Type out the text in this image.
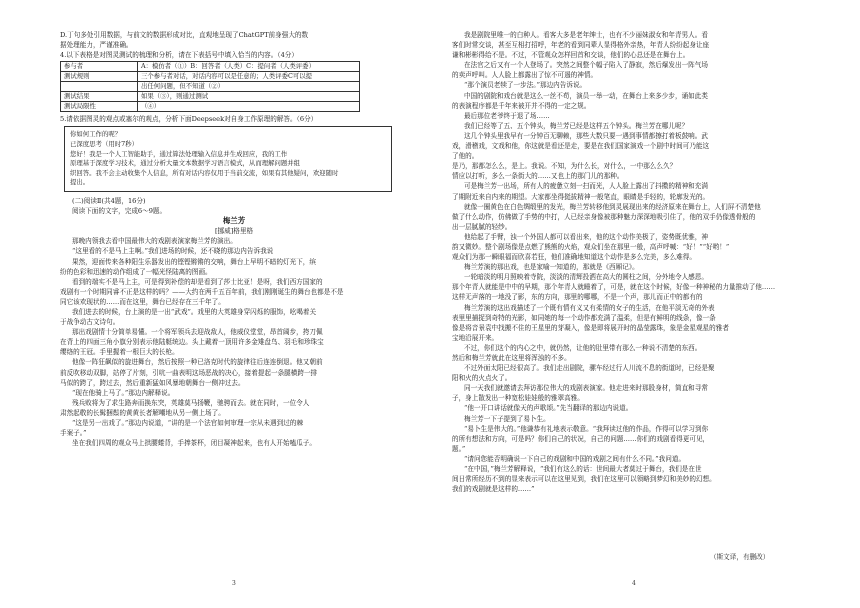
D.丁句多处引用数据，与前文的数据形成对比，直观地呈现了ChatGPT前身强大的数
据处理能力，严谨准确。
4.以下表格是对图灵测试的梳理和分析，请在下表括号中填入恰当的内容。（4分）
参与者	A：模仿者（①）B：回答者（人类）C：提问者（人类评委）
测试规则	三个参与者对话，对话内容可以是任意的；人类评委C可以提
	出任何问题，但不知道（②）
测试结果	如果（③），则通过测试
测试局限性	（④）
5.请依据图灵的观点或塞尔的观点，分析下面Deepseek对自身工作原理的解答。（6分）
你如何工作的呢？
已深度思考（用时7秒）
您好！我是一个人工智能助手，通过算法处理输入信息并生成回应，我的工作
原理基于深度学习技术，通过分析大量文本数据学习语言模式，从而理解问题并组
织回答。我不会主动收集个人信息，所有对话内容仅用于当前交流，如果有其他疑问，欢迎随时
提出。
(二)阅读Ⅱ(共4题，16分)
阅读下面的文字，完成6～9题。
梅兰芳
[挪威]格里格
那晚内领我去看中国最伟大的戏剧表演家梅兰芳的演出。
“这里看的不是马上主啊。”我们进场的时候，还不晓的那边内告诉我说
果然，迎面传来各种阳生乐器发出的铿铿锵锵的交响，舞台上早明不暗的灯光下，缤
纷的色彩和迅速的动作组成了一幅光怪陆离的图画。
看到的端实不是马上主，可是得到补偿的却是看到了莎士比亚！是呀，我们西方国家的
戏剧有一个时期同睿不正是这样的吗？——大约在两千五百年前，我们刚刚诞生的舞台也都是不是
同它该欢现状的……而在这里，舞台已经存在三千年了。
我们进去的时候，台上演的是一出“武戏”。戏里的大英雄身穿闪烁的服饰，吆喝着关
于战争动古文诗句。
那出戏剧情十分简单易懂。一个将军领兵去迎战敌人，他威仪堂堂，昂首阔步，挎刀佩
在背上的四面三角小旗分别表示他陆艇统边。头上戴着一顶用许多金雉盘鸟、羽毛和珍珠宝
缨络的王冠。手里握着一根巨大的长枪。
他像一阵狂飙似的旋进舞台，然后按照一种已洛克时代的旋律往后连连倒退。他又朝前
前反吹移动双脚，站停了片刻，引吭一曲表明这场恶战的决心，接着提起一条腿横跨一排
马似的跨了，跨过去，然后重新猛如风暴地朝舞台一侧冲过去。
“现在他骑上马了。”那边内解释说。
残兵败将为了求生路奔而换东突，英雄莫马扬鞭，驰骋而去。就在同时，一位令人
肃然起敬的长髯捆鬃的黄黄长者解嘲地从另一侧上场了。
“这是另一出戏了。”那边内说道，“讲的是一个法官如何审理一宗从未遇到过的棘
手案子。”
坐在我们四周的观众马上拱腰蜷背，手捧茶杯，闭目凝神起来，也有人开始嗑瓜子。
3
我是剧院里唯一的白种人。看客大多是老年绅士，也有不少丽妹淑女和年青男人。看
客们时常交谈，甚至互相打招呼，年老的看到同辈人显得格外亲热，年青人纷纷起身让座
谦和彬彬得给不是。不过，不管观众怎样回首和交谈，他们的心总还是在舞台上。
在法官之后又有一个人登场了。突然之间整个幅子陷入了静寂，然后爆发出一阵气场
的卖声呼叫。人人脸上都露出了惊不可遏的神情。
“那个演员老犊了一步法。”那边内告诉说。
中国的剧院和戏台就是这么一丝不苟，演员一举一动，在舞台上来多少步，诵如此类
的表演程序都是千年来被开并不得的一定之规。
最后那位老爷终于退了场……
我们已经等了五、五个钟头，梅兰芳已经是这样五个钟头。梅兰芳在哪儿呢？
这几个钟头里我早有一分钟百无聊赖，那些大数只要一遇到事情都擦打着板鼓响。武
戏，滑稽戏，文戏和他，你这就是看还是走，要是在我们国家演戏一个剧中时间可乃能这
了他的。
是乃，那都怎么么，是上。我说。不知，为什么长，对什么，一中那么么久？
情应以打听，多么一条街大的……又也上的那门儿的那种。
可是梅兰芳一出场，所有人的疲惫立刻一扫而光，人人脸上露出了抖擞的精神和充满
了期附近来自内来的期望。大家都坐得挺拔精神一般笔直，眼睛是手轻的，轮廓发光的。
就像一圈黄色在白色绸缎里的发光，梅兰芳转移他到灵展现出来的经济原来在舞台上，人们屏不清楚他
做了什么动作，仿佛做了手势的中打，人已经亲身像被那种魅力深深地吸引住了，他的双手仍像透骨般的
出一层腻腻的轻纱。
他给起了手臂，浊一个外国人都可以看出来，他的这个动作美极了，姿势既优雅，神
韵又微妙。整个剧场像是点燃了熊熊的火焰，观众们坐在那里一般，高声呼喊：“好！”“好哟！”
观众们为那一瞬眼福而欣喜若狂，他们准确地知道这个动作是多么完美，多么难得。
梅兰芳演的那出戏，也是家喻一知道的，那就是《西厢记》。
一轮暗淡的明月照映着寺院，淡淡的清辉投洒在高大的圆柱之间，分外地令人感恩。
那个年青人就能是中中的早期，那个年青人就睡着了，可是，就在这个时候，好像一种神秘的力量推动了他……
这样无声落的一地没了影，东的方向，那里的哪哪，不是一个声，那儿而正中的都有的
梅兰芳演的这出戏描述了一个既有情有义又有柔情的女子的生活，在他平淡无奇的外表
表里里捕捉到奇特的光影，如同她的每一个动作都充满了温柔，但是有鲜明的线条，像一条
像是将音景袁中找搬不住的王星里的芽凝入，像是即将展开时的晶莹露珠，象是金星观星的雅者
宝地沿展开来。
不过，你们这个的内心之中，就仍然，让他的肚里带有那么一种说不清楚的东西。
然后和梅兰芳就此在这里将浑浊的不多。
不过外面太阳已经很高了。我们走出剧院，骡车经过行人川流不息的街道时，已经是聚
阳和火的火点火了。
同一天我们就邀请去拜访那位伟大的戏剧表演家。他走进来时那股身材，简直和寻常
子，身上散发出一种宽松娃娃般的雅翠高雅。
“他一开口讲话就像天的声歌颂。”先当翻译的那边内说道。
梅兰芳一下子提到了易卜生。
“易卜生是伟大的。”他谦恭有礼地表示敬意。“我拜读过他的作品，作得可以学习到你
的所有想法和方向，可是吗？你们自己的状况，自己的问题……你们的戏剧看得更可见，
题。”
“请问您能否明确说一下自己的戏剧和中国的戏剧之间有什么不同。”我问道。
“在中国，”梅兰芳解释说，“我们有这么的话：世间最大者莫过于舞台，我们是在世
间日常所经历不到的显来表示可以在这里见到，我们在这里可以领略到梦幻和美妙的幻想。
我们的戏剧就是这样的……”
（斯文译，有删改）
4
